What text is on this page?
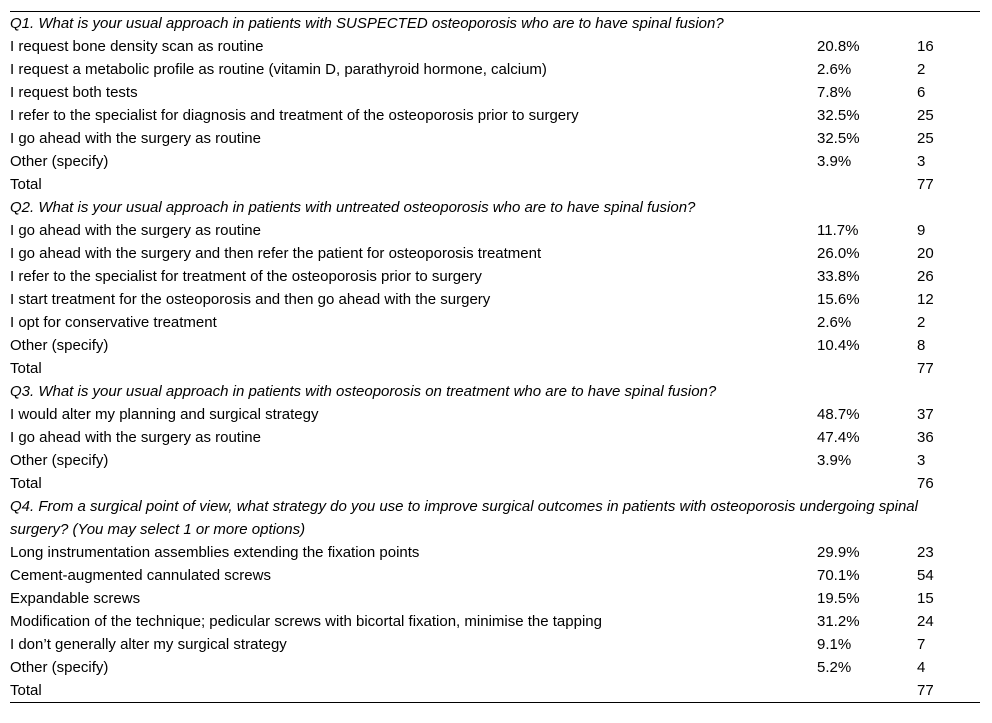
Q1. What is your usual approach in patients with SUSPECTED osteoporosis who are to have spinal fusion?		
I request bone density scan as routine	20.8%	16
I request a metabolic profile as routine (vitamin D, parathyroid hormone, calcium)	2.6%	2
I request both tests	7.8%	6
I refer to the specialist for diagnosis and treatment of the osteoporosis prior to surgery	32.5%	25
I go ahead with the surgery as routine	32.5%	25
Other (specify)	3.9%	3
Total		77
Q2. What is your usual approach in patients with untreated osteoporosis who are to have spinal fusion?		
I go ahead with the surgery as routine	11.7%	9
I go ahead with the surgery and then refer the patient for osteoporosis treatment	26.0%	20
I refer to the specialist for treatment of the osteoporosis prior to surgery	33.8%	26
I start treatment for the osteoporosis and then go ahead with the surgery	15.6%	12
I opt for conservative treatment	2.6%	2
Other (specify)	10.4%	8
Total		77
Q3. What is your usual approach in patients with osteoporosis on treatment who are to have spinal fusion?		
I would alter my planning and surgical strategy	48.7%	37
I go ahead with the surgery as routine	47.4%	36
Other (specify)	3.9%	3
Total		76
Q4. From a surgical point of view, what strategy do you use to improve surgical outcomes in patients with osteoporosis undergoing spinal surgery? (You may select 1 or more options)		
Long instrumentation assemblies extending the fixation points	29.9%	23
Cement-augmented cannulated screws	70.1%	54
Expandable screws	19.5%	15
Modification of the technique; pedicular screws with bicortal fixation, minimise the tapping	31.2%	24
I don’t generally alter my surgical strategy	9.1%	7
Other (specify)	5.2%	4
Total		77
